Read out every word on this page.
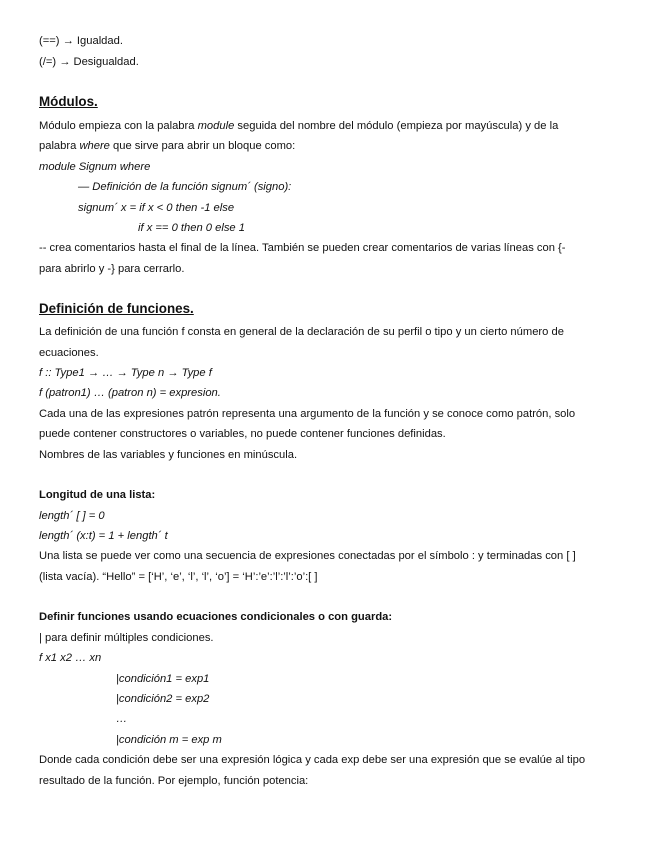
(==) → Igualdad.
(/=) → Desigualdad.
Módulos.
Módulo empieza con la palabra module seguida del nombre del módulo (empieza por mayúscula) y de la
palabra where que sirve para abrir un bloque como:
module Signum where
— Definición de la función signum´ (signo):
signum´ x = if x < 0 then -1 else
if x == 0 then 0 else 1
-- crea comentarios hasta el final de la línea. También se pueden crear comentarios de varias líneas con {-
para abrirlo y -} para cerrarlo.
Definición de funciones.
La definición de una función f consta en general de la declaración de su perfil o tipo y un cierto número de
ecuaciones.
f :: Type1 → … → Type n → Type f
f (patron1) … (patron n) = expresion.
Cada una de las expresiones patrón representa una argumento de la función y se conoce como patrón, solo
puede contener constructores o variables, no puede contener funciones definidas.
Nombres de las variables y funciones en minúscula.
Longitud de una lista:
length´ [ ] = 0
length´ (x:t) = 1 + length´ t
Una lista se puede ver como una secuencia de expresiones conectadas por el símbolo : y terminadas con [ ]
(lista vacía). “Hello” = [‘H’, ‘e’, ‘l’, ‘l’, ‘o’] = ‘H’:’e’:’l’:’l’:’o’:[ ]
Definir funciones usando ecuaciones condicionales o con guarda:
| para definir múltiples condiciones.
f x1 x2 … xn
|condición1 = exp1
|condición2 = exp2
…
|condición m = exp m
Donde cada condición debe ser una expresión lógica y cada exp debe ser una expresión que se evalúe al tipo
resultado de la función. Por ejemplo, función potencia:
